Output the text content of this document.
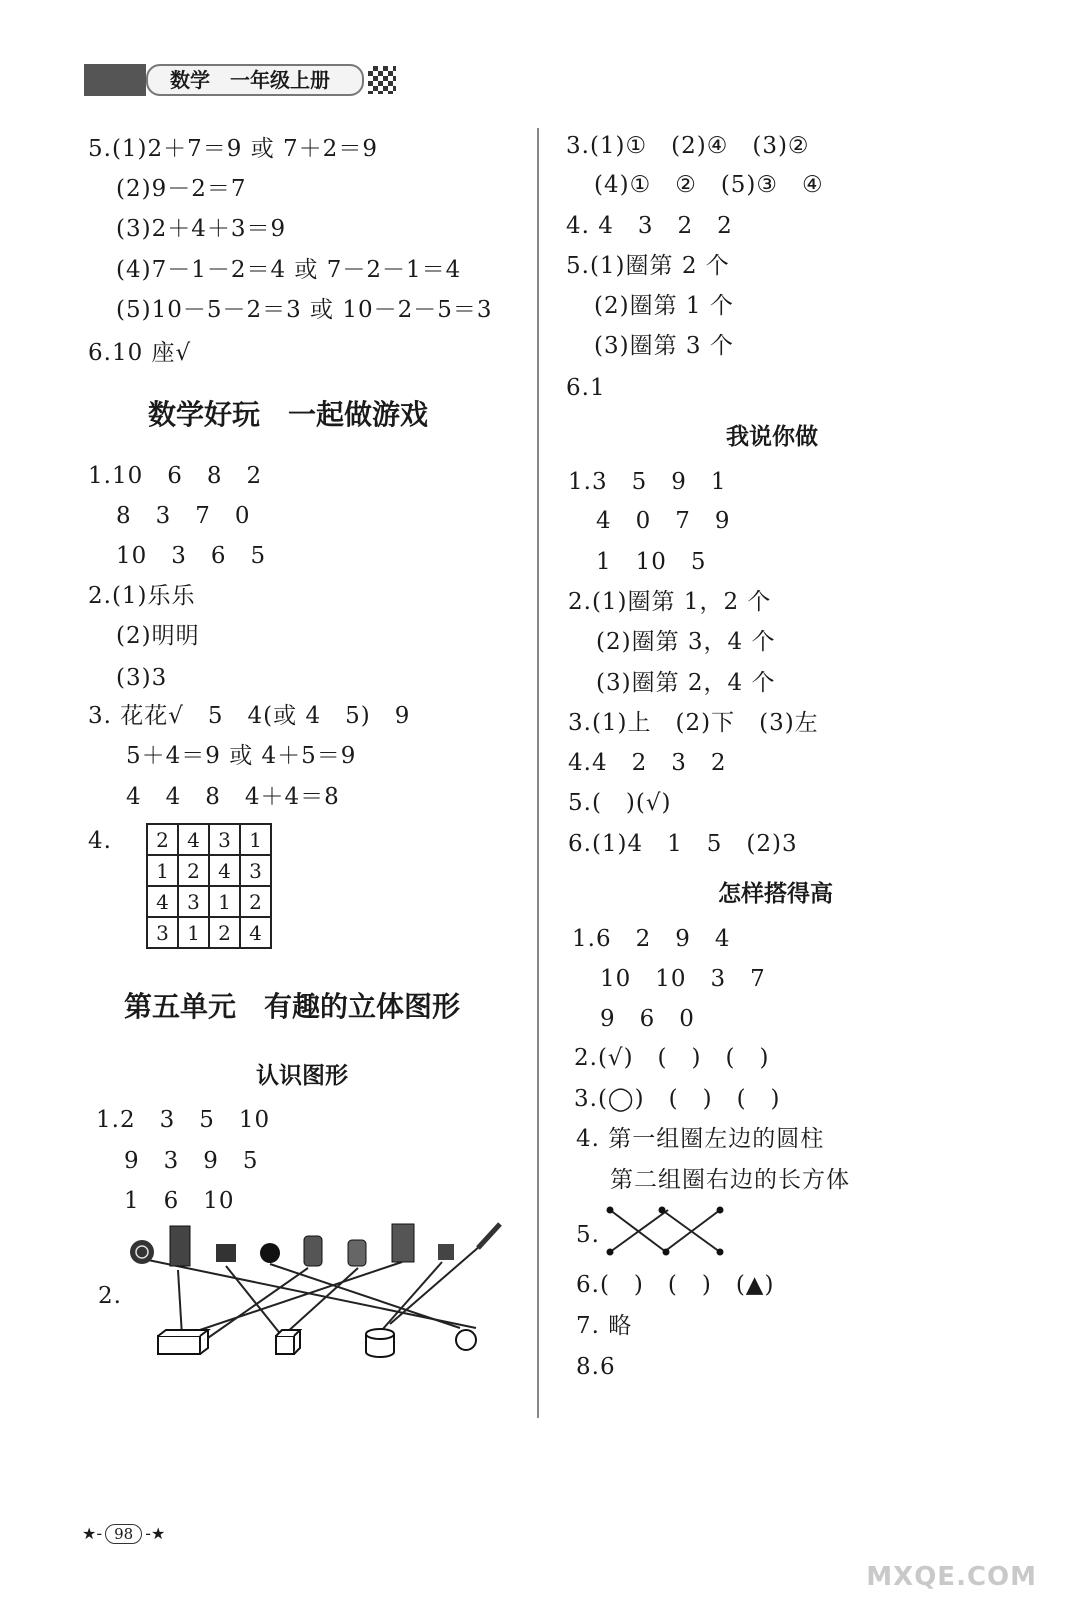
数学　一年级上册
5.(1)2＋7＝9 或 7＋2＝9
(2)9－2＝7
(3)2＋4＋3＝9
(4)7－1－2＝4 或 7－2－1＝4
(5)10－5－2＝3 或 10－2－5＝3
6.10 座√
数学好玩　一起做游戏
1.10　6　8　2
8　3　7　0
10　3　6　5
2.(1)乐乐
(2)明明
(3)3
3. 花花√　5　4(或 4　5)　9
5＋4＝9 或 4＋5＝9
4　4　8　4＋4＝8
4. 2	4	3	1
1	2	4	3
4	3	1	2
3	1	2	4
第五单元　有趣的立体图形
认识图形
1.2　3　5　10
9　3　9　5
1　6　10
2.
3.(1)①　(2)④　(3)②
(4)①　②　(5)③　④
4. 4　3　2　2
5.(1)圈第 2 个
(2)圈第 1 个
(3)圈第 3 个
6.1
我说你做
1.3　5　9　1
4　0　7　9
1　10　5
2.(1)圈第 1，2 个
(2)圈第 3，4 个
(3)圈第 2，4 个
3.(1)上　(2)下　(3)左
4.4　2　3　2
5.(　)(√)
6.(1)4　1　5　(2)3
怎样搭得高
1.6　2　9　4
10　10　3　7
9　6　0
2.(√)　(　)　(　)
3.(◯)　(　)　(　)
4. 第一组圈左边的圆柱
第二组圈右边的长方体
5.
6.(　)　(　)　(▲)
7. 略
8.6
★- 98 -★
MXQE.COM
